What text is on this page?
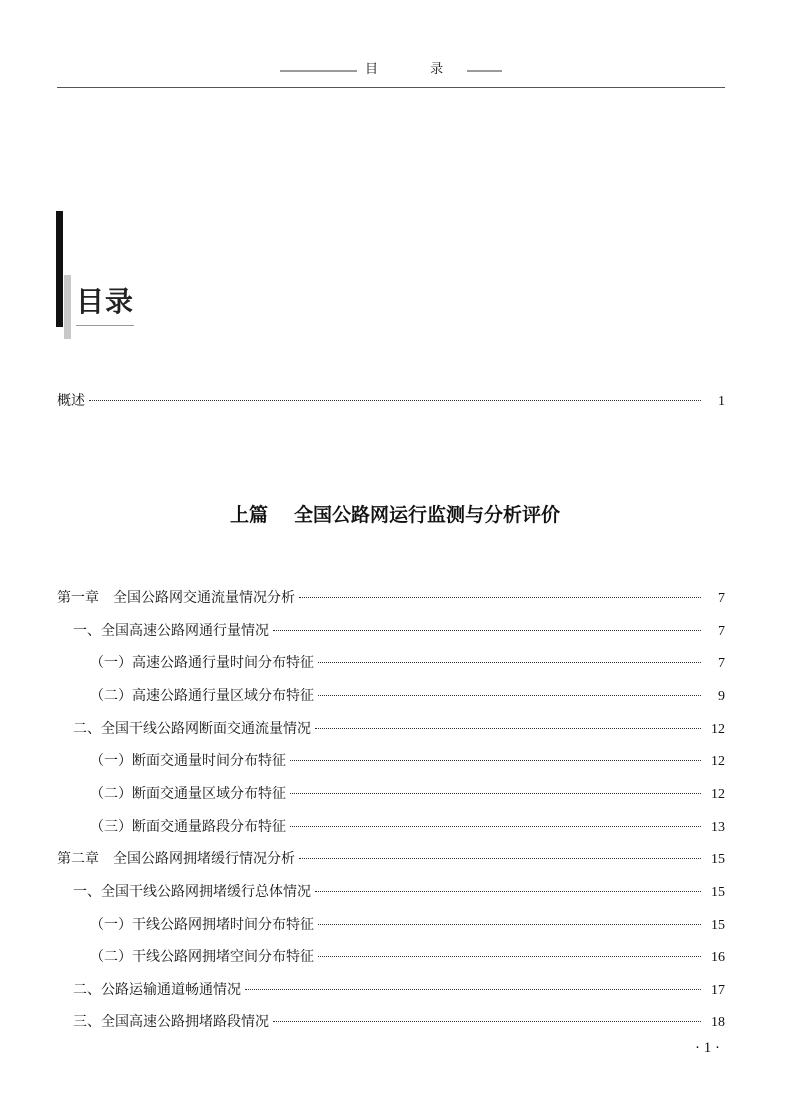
目 录
目录
概述	1
上篇 全国公路网运行监测与分析评价
第一章　全国公路网交通流量情况分析	7
一、全国高速公路网通行量情况	7
（一）高速公路通行量时间分布特征	7
（二）高速公路通行量区域分布特征	9
二、全国干线公路网断面交通流量情况	12
（一）断面交通量时间分布特征	12
（二）断面交通量区域分布特征	12
（三）断面交通量路段分布特征	13
第二章　全国公路网拥堵缓行情况分析	15
一、全国干线公路网拥堵缓行总体情况	15
（一）干线公路网拥堵时间分布特征	15
（二）干线公路网拥堵空间分布特征	16
二、公路运输通道畅通情况	17
三、全国高速公路拥堵路段情况	18
· 1 ·
